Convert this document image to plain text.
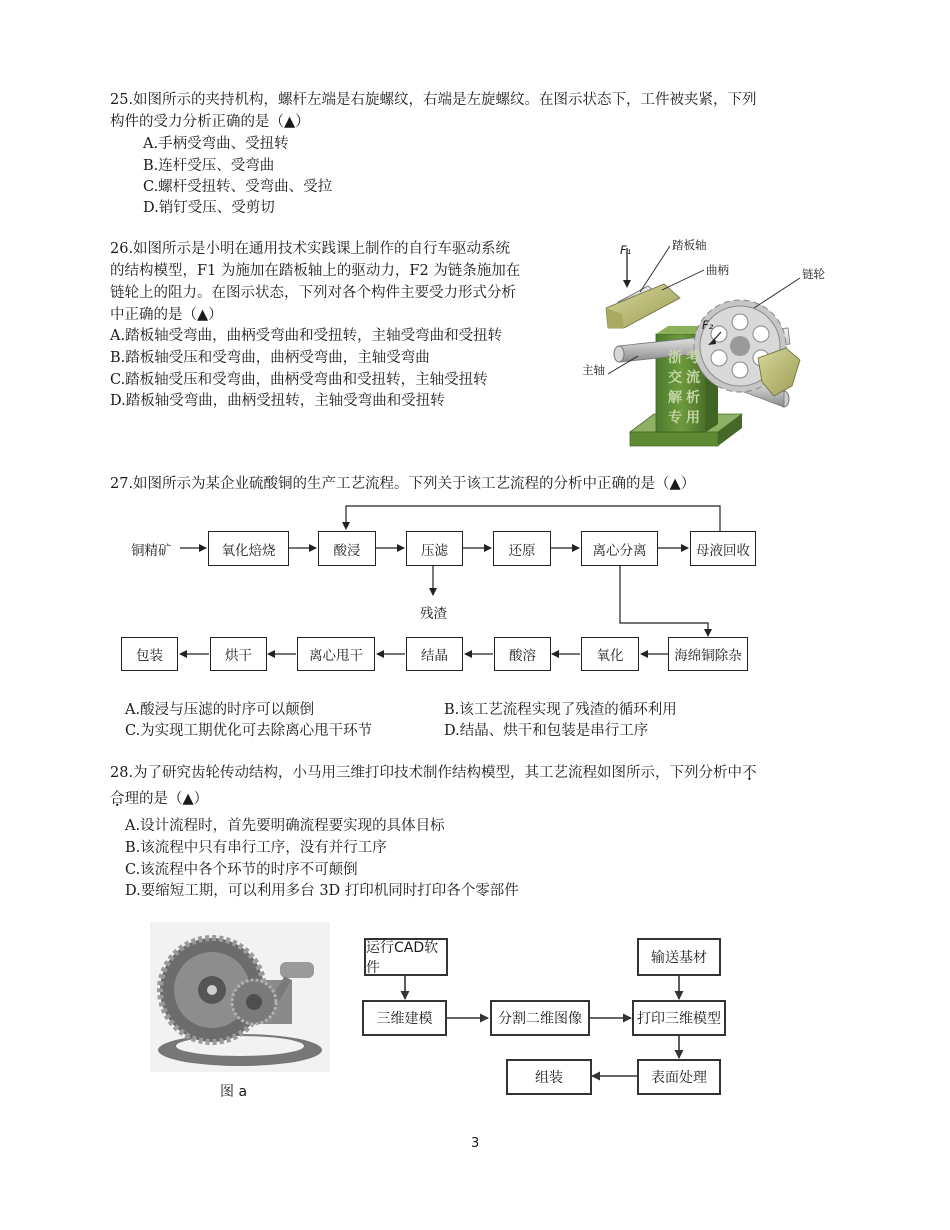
25.如图所示的夹持机构，螺杆左端是右旋螺纹，右端是左旋螺纹。在图示状态下，工件被夹紧，下列
构件的受力分析正确的是（▲）
A.手柄受弯曲、受扭转
B.连杆受压、受弯曲
C.螺杆受扭转、受弯曲、受拉
D.销钉受压、受剪切
26.如图所示是小明在通用技术实践课上制作的自行车驱动系统
的结构模型，F1 为施加在踏板轴上的驱动力，F2 为链条施加在
链轮上的阻力。在图示状态，下列对各个构件主要受力形式分析
中正确的是（▲）
A.踏板轴受弯曲，曲柄受弯曲和受扭转，主轴受弯曲和受扭转
B.踏板轴受压和受弯曲，曲柄受弯曲，主轴受弯曲
C.踏板轴受压和受弯曲，曲柄受弯曲和受扭转，主轴受扭转
D.踏板轴受弯曲，曲柄受扭转，主轴受弯曲和受扭转
浙 考
交 流
解 析
专 用
F₁	踏板轴
曲柄	链轮
F₂
主轴
27.如图所示为某企业硫酸铜的生产工艺流程。下列关于该工艺流程的分析中正确的是（▲）
铜精矿	氧化焙烧	酸浸	压滤	还原	离心分离	母液回收
残渣
包装	烘干	离心甩干	结晶	酸溶	氧化	海绵铜除杂
A.酸浸与压滤的时序可以颠倒	B.该工艺流程实现了残渣的循环利用
C.为实现工期优化可去除离心甩干环节	D.结晶、烘干和包装是串行工序
28.为了研究齿轮传动结构，小马用三维打印技术制作结构模型，其工艺流程如图所示，下列分析中不
合理的是（▲）
A.设计流程时，首先要明确流程要实现的具体目标
B.该流程中只有串行工序，没有并行工序
C.该流程中各个环节的时序不可颠倒
D.要缩短工期，可以利用多台 3D 打印机同时打印各个零部件
图 a
运行CAD软件
输送基材
三维建模	分割二维图像	打印三维模型
组装	表面处理
3
